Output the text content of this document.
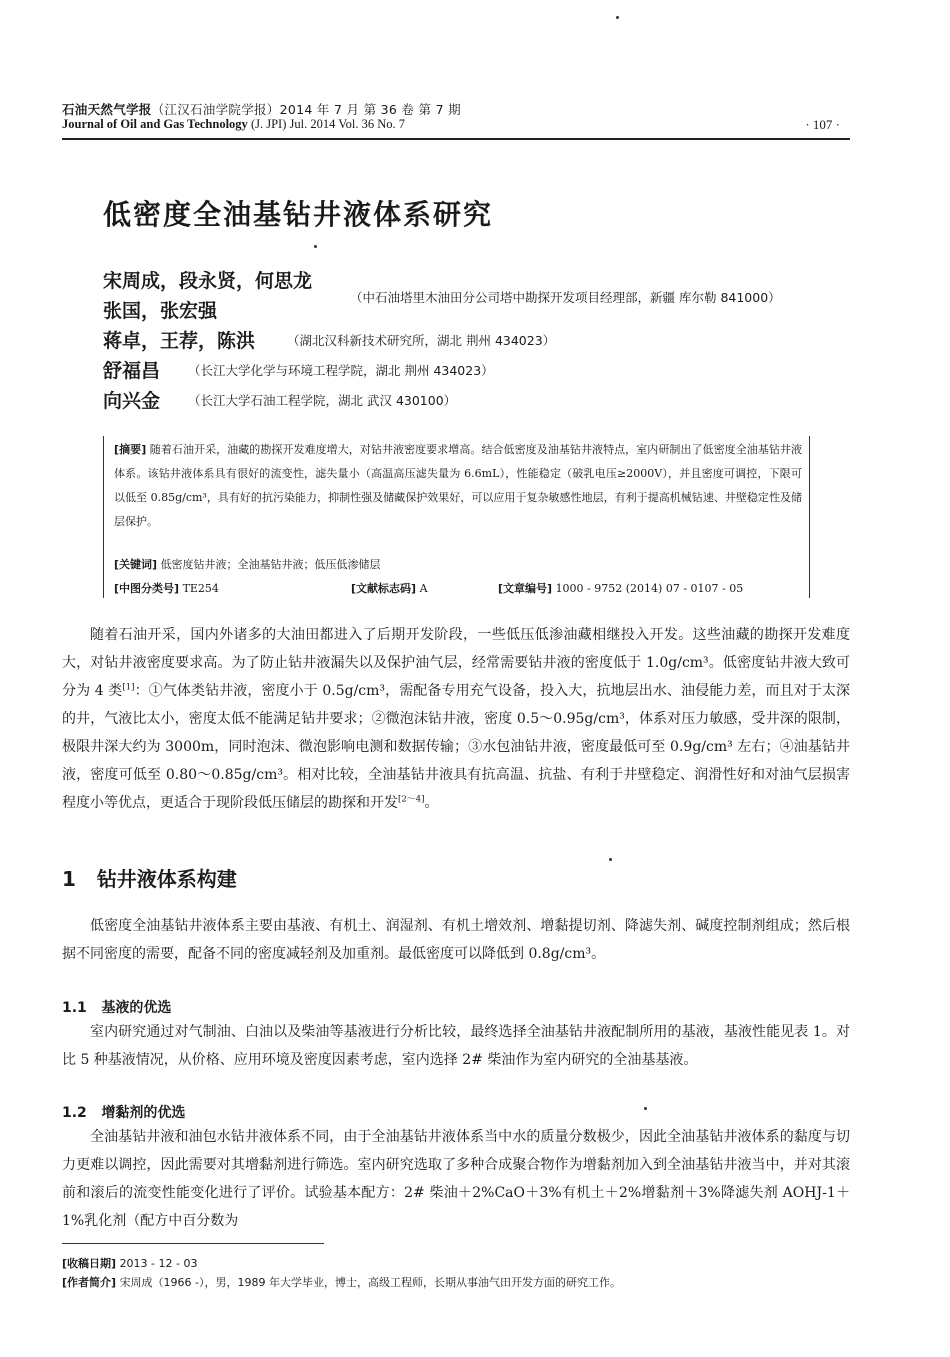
石油天然气学报（江汉石油学院学报）2014 年 7 月 第 36 卷 第 7 期
Journal of Oil and Gas Technology (J. JPI) Jul. 2014 Vol. 36 No. 7	· 107 ·
低密度全油基钻井液体系研究
宋周成，段永贤，何思龙
张国，张宏强
（中石油塔里木油田分公司塔中勘探开发项目经理部，新疆 库尔勒 841000）
蒋卓，王荐，陈洪	（湖北汉科新技术研究所，湖北 荆州 434023）
舒福昌 （长江大学化学与环境工程学院，湖北 荆州 434023）
向兴金 （长江大学石油工程学院，湖北 武汉 430100）
[摘要] 随着石油开采，油藏的勘探开发难度增大，对钻井液密度要求增高。结合低密度及油基钻井液特点，室内研制出了低密度全油基钻井液体系。该钻井液体系具有很好的流变性，滤失量小（高温高压滤失量为 6.6mL），性能稳定（破乳电压≥2000V），并且密度可调控，下限可以低至 0.85g/cm³，具有好的抗污染能力，抑制性强及储藏保护效果好，可以应用于复杂敏感性地层，有利于提高机械钻速、井壁稳定性及储层保护。
[关键词] 低密度钻井液；全油基钻井液；低压低渗储层
[中图分类号] TE254	[文献标志码] A	[文章编号] 1000 - 9752 (2014) 07 - 0107 - 05
随着石油开采，国内外诸多的大油田都进入了后期开发阶段，一些低压低渗油藏相继投入开发。这些油藏的勘探开发难度大，对钻井液密度要求高。为了防止钻井液漏失以及保护油气层，经常需要钻井液的密度低于 1.0g/cm³。低密度钻井液大致可分为 4 类[1]：①气体类钻井液，密度小于 0.5g/cm³，需配备专用充气设备，投入大，抗地层出水、油侵能力差，而且对于太深的井，气液比太小，密度太低不能满足钻井要求；②微泡沫钻井液，密度 0.5～0.95g/cm³，体系对压力敏感，受井深的限制，极限井深大约为 3000m，同时泡沫、微泡影响电测和数据传输；③水包油钻井液，密度最低可至 0.9g/cm³ 左右；④油基钻井液，密度可低至 0.80～0.85g/cm³。相对比较，全油基钻井液具有抗高温、抗盐、有利于井壁稳定、润滑性好和对油气层损害程度小等优点，更适合于现阶段低压储层的勘探和开发[2～4]。
1 钻井液体系构建
低密度全油基钻井液体系主要由基液、有机土、润湿剂、有机土增效剂、增黏提切剂、降滤失剂、碱度控制剂组成；然后根据不同密度的需要，配备不同的密度减轻剂及加重剂。最低密度可以降低到 0.8g/cm³。
1.1 基液的优选
室内研究通过对气制油、白油以及柴油等基液进行分析比较，最终选择全油基钻井液配制所用的基液，基液性能见表 1。对比 5 种基液情况，从价格、应用环境及密度因素考虑，室内选择 2# 柴油作为室内研究的全油基基液。
1.2 增黏剂的优选
全油基钻井液和油包水钻井液体系不同，由于全油基钻井液体系当中水的质量分数极少，因此全油基钻井液体系的黏度与切力更难以调控，因此需要对其增黏剂进行筛选。室内研究选取了多种合成聚合物作为增黏剂加入到全油基钻井液当中，并对其滚前和滚后的流变性能变化进行了评价。试验基本配方：2# 柴油＋2%CaO＋3%有机土＋2%增黏剂＋3%降滤失剂 AOHJ-1＋1%乳化剂（配方中百分数为
[收稿日期] 2013 - 12 - 03
[作者简介] 宋周成（1966 -），男，1989 年大学毕业，博士，高级工程师，长期从事油气田开发方面的研究工作。
